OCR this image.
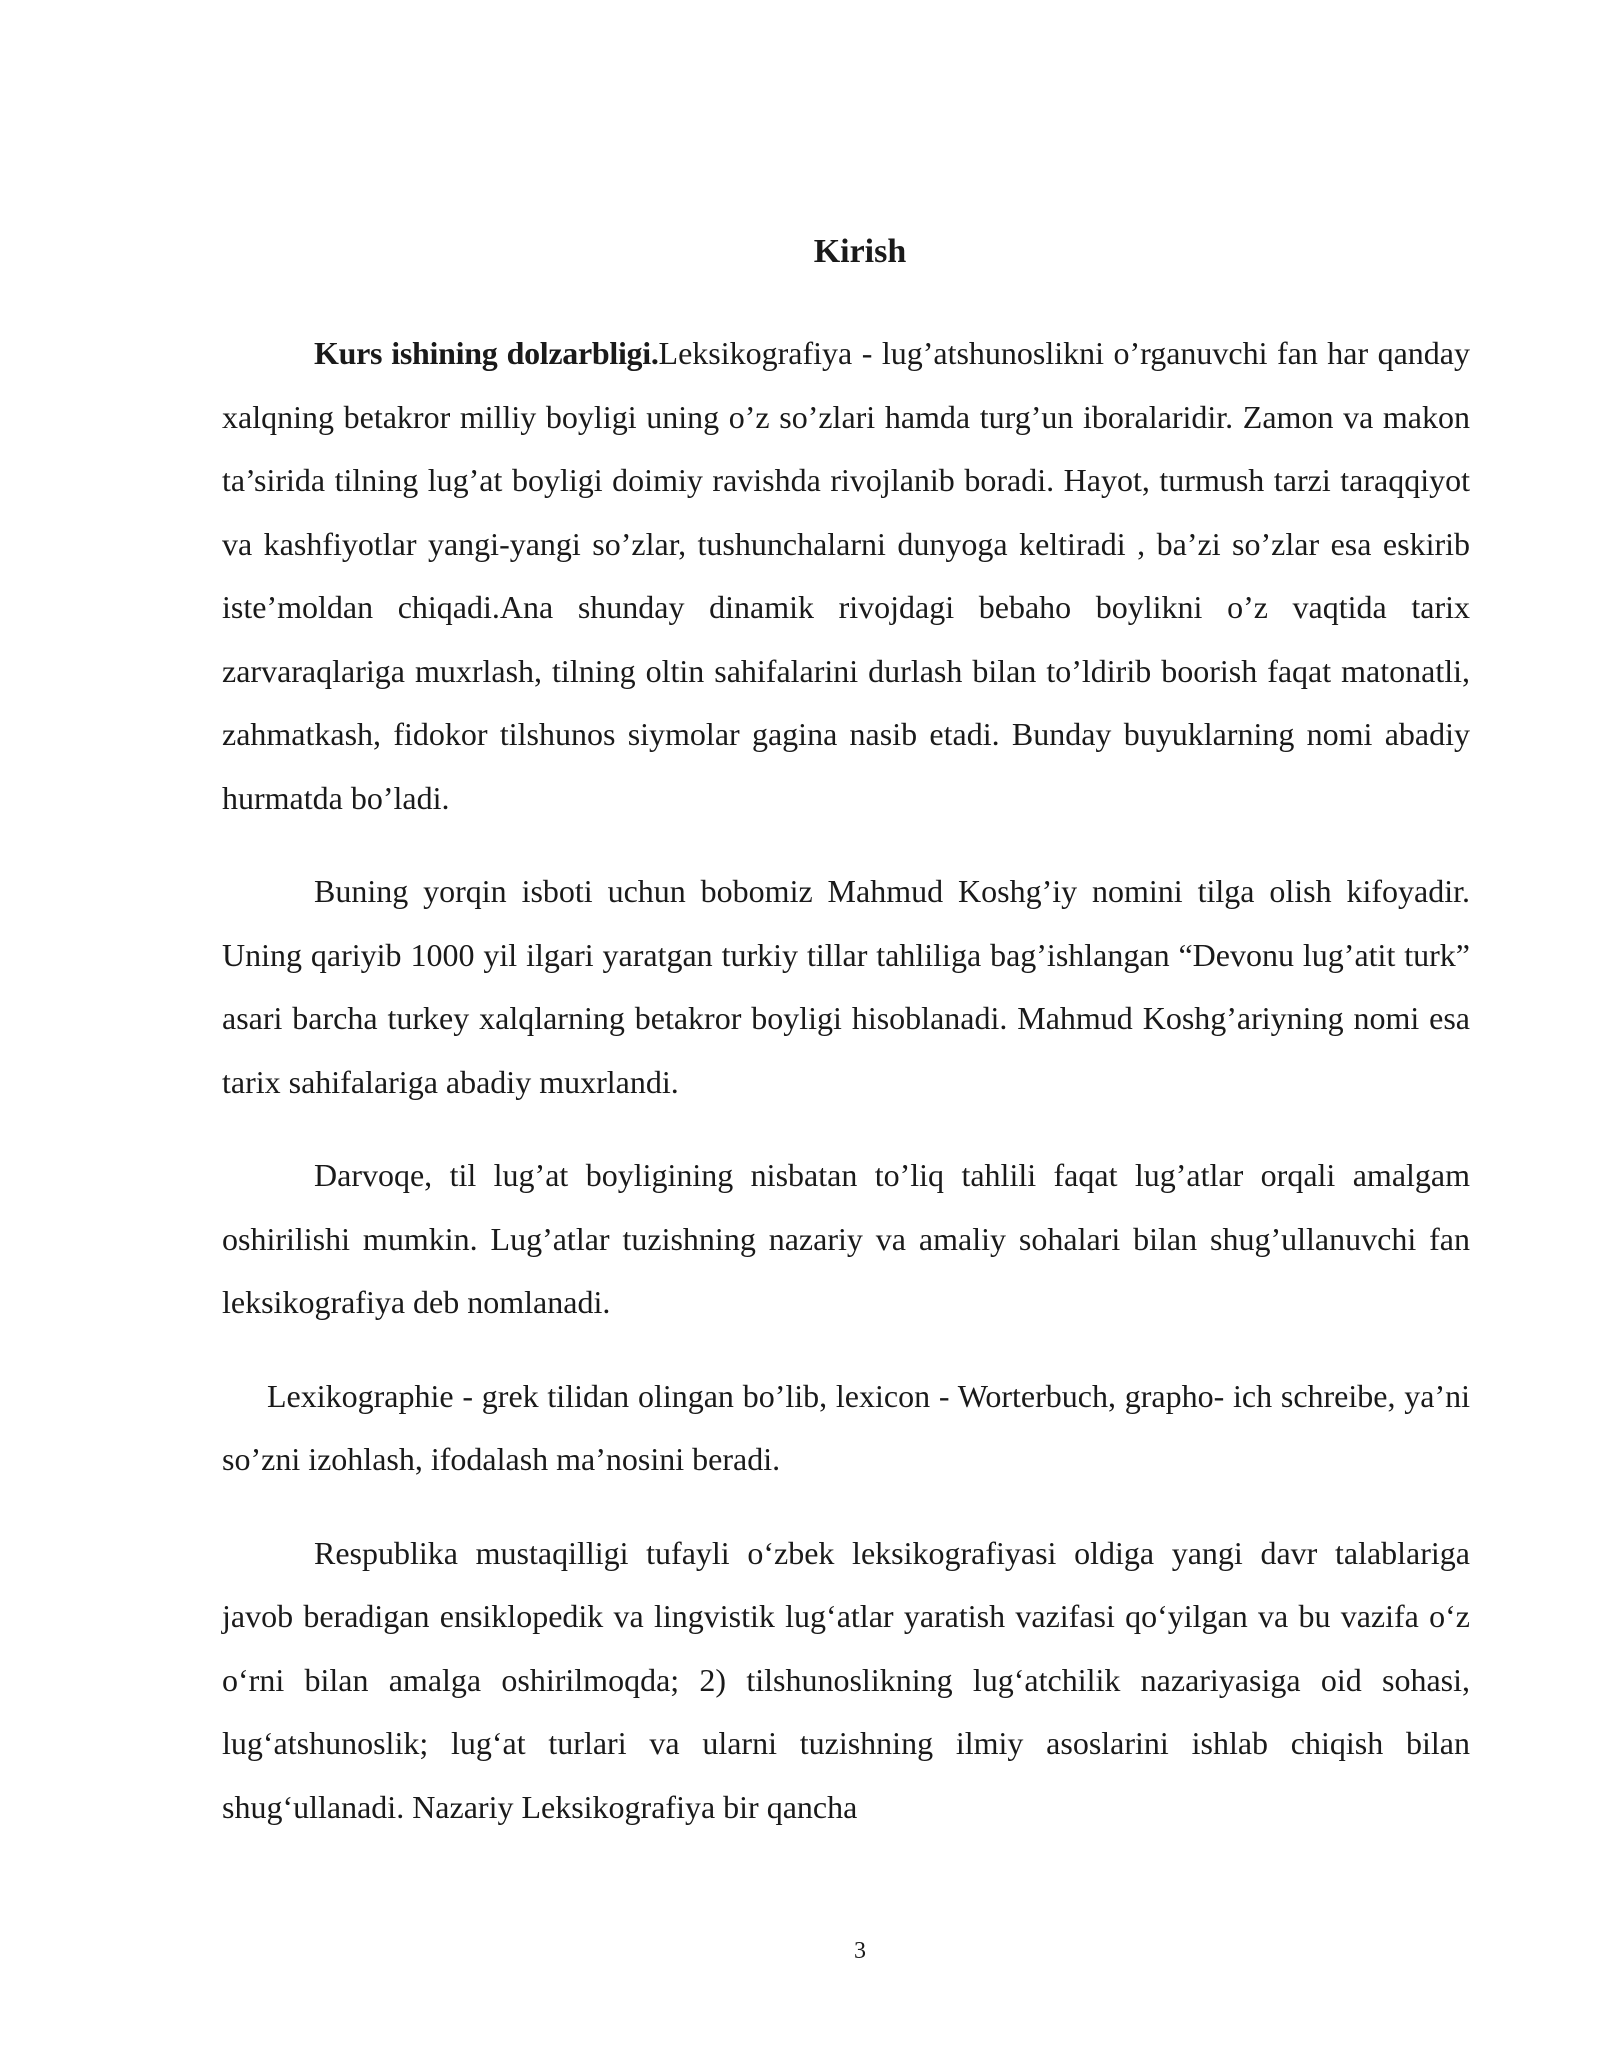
Kirish

Kurs ishining dolzarbligi.Leksikografiya - lug’atshunoslikni o’rganuvchi fan har qanday xalqning betakror milliy boyligi uning o’z so’zlari hamda turg’un iboralaridir. Zamon va makon ta’sirida tilning lug’at boyligi doimiy ravishda rivojlanib boradi. Hayot, turmush tarzi taraqqiyot va kashfiyotlar yangi-yangi so’zlar, tushunchalarni dunyoga keltiradi , ba’zi so’zlar esa eskirib iste’moldan chiqadi.Ana shunday dinamik rivojdagi bebaho boylikni o’z vaqtida tarix zarvaraqlariga muxrlash, tilning oltin sahifalarini durlash bilan to’ldirib boorish faqat matonatli, zahmatkash, fidokor tilshunos siymolar gagina nasib etadi. Bunday buyuklarning nomi abadiy hurmatda bo’ladi.

Buning yorqin isboti uchun bobomiz Mahmud Koshg’iy nomini tilga olish kifoyadir. Uning qariyib 1000 yil ilgari yaratgan turkiy tillar tahliliga bag’ishlangan “Devonu lug’atit turk” asari barcha turkey xalqlarning betakror boyligi hisoblanadi. Mahmud Koshg’ariyning nomi esa tarix sahifalariga abadiy muxrlandi.

Darvoqe, til lug’at boyligining nisbatan to’liq tahlili faqat lug’atlar orqali amalgam oshirilishi mumkin. Lug’atlar tuzishning nazariy va amaliy sohalari bilan shug’ullanuvchi fan leksikografiya deb nomlanadi.

Lexikographie - grek tilidan olingan bo’lib, lexicon - Worterbuch, grapho- ich schreibe, ya’ni so’zni izohlash, ifodalash ma’nosini beradi.

Respublika mustaqilligi tufayli o‘zbek leksikografiyasi oldiga yangi davr talablariga javob beradigan ensiklopedik va lingvistik lug‘atlar yaratish vazifasi qo‘yilgan va bu vazifa o‘z o‘rni bilan amalga oshirilmoqda; 2) tilshunoslikning lug‘atchilik nazariyasiga oid sohasi, lug‘atshunoslik; lug‘at turlari va ularni tuzishning ilmiy asoslarini ishlab chiqish bilan shug‘ullanadi. Nazariy Leksikografiya bir qancha

3
